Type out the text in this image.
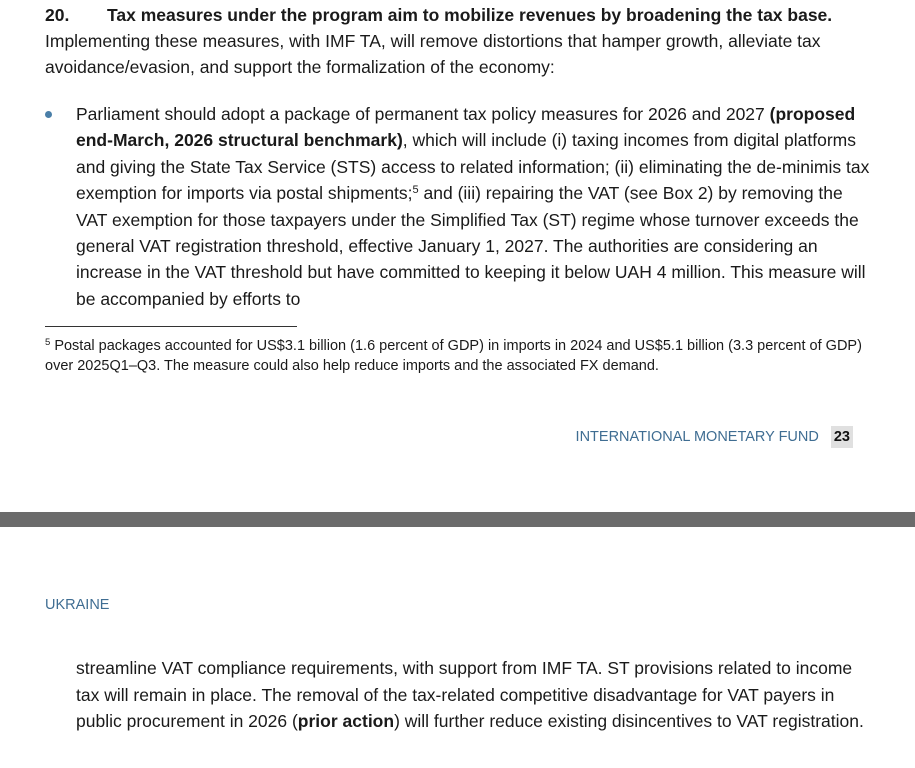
20. Tax measures under the program aim to mobilize revenues by broadening the tax base. Implementing these measures, with IMF TA, will remove distortions that hamper growth, alleviate tax avoidance/evasion, and support the formalization of the economy:
Parliament should adopt a package of permanent tax policy measures for 2026 and 2027 (proposed end-March, 2026 structural benchmark), which will include (i) taxing incomes from digital platforms and giving the State Tax Service (STS) access to related information; (ii) eliminating the de-minimis tax exemption for imports via postal shipments;$^5$ and (iii) repairing the VAT (see Box 2) by removing the VAT exemption for those taxpayers under the Simplified Tax (ST) regime whose turnover exceeds the general VAT registration threshold, effective January 1, 2027. The authorities are considering an increase in the VAT threshold but have committed to keeping it below UAH 4 million. This measure will be accompanied by efforts to
$^5$ Postal packages accounted for US$3.1 billion (1.6 percent of GDP) in imports in 2024 and US$5.1 billion (3.3 percent of GDP) over 2025Q1–Q3. The measure could also help reduce imports and the associated FX demand.
INTERNATIONAL MONETARY FUND 23
UKRAINE
streamline VAT compliance requirements, with support from IMF TA. ST provisions related to income tax will remain in place. The removal of the tax-related competitive disadvantage for VAT payers in public procurement in 2026 (prior action) will further reduce existing disincentives to VAT registration.
